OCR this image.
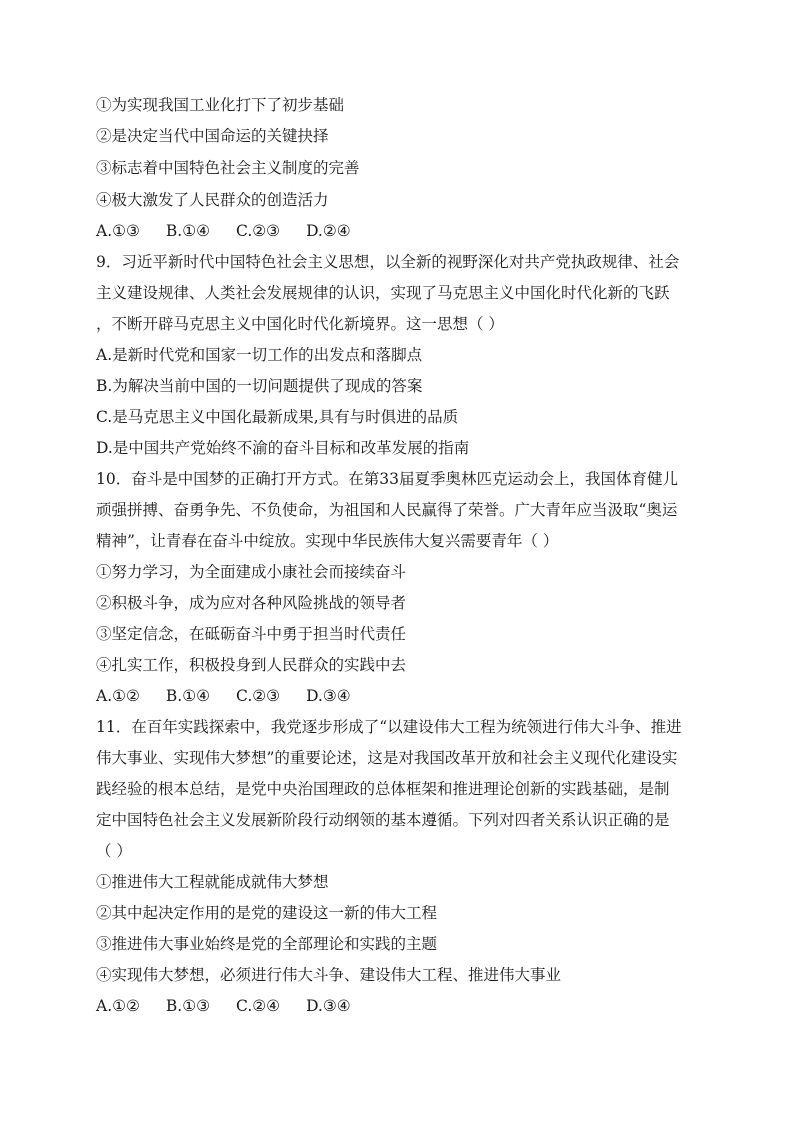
①为实现我国工业化打下了初步基础
②是决定当代中国命运的关键抉择
③标志着中国特色社会主义制度的完善
④极大激发了人民群众的创造活力
A.①③ B.①④ C.②③ D.②④
9．习近平新时代中国特色社会主义思想，以全新的视野深化对共产党执政规律、社会
主义建设规律、人类社会发展规律的认识，实现了马克思主义中国化时代化新的飞跃
，不断开辟马克思主义中国化时代化新境界。这一思想（ ）
A.是新时代党和国家一切工作的出发点和落脚点
B.为解决当前中国的一切问题提供了现成的答案
C.是马克思主义中国化最新成果,具有与时俱进的品质
D.是中国共产党始终不渝的奋斗目标和改革发展的指南
10．奋斗是中国梦的正确打开方式。在第33届夏季奥林匹克运动会上，我国体育健儿
顽强拼搏、奋勇争先、不负使命，为祖国和人民赢得了荣誉。广大青年应当汲取“奥运
精神”，让青春在奋斗中绽放。实现中华民族伟大复兴需要青年（ ）
①努力学习，为全面建成小康社会而接续奋斗
②积极斗争，成为应对各种风险挑战的领导者
③坚定信念，在砥砺奋斗中勇于担当时代责任
④扎实工作，积极投身到人民群众的实践中去
A.①② B.①④ C.②③ D.③④
11．在百年实践探索中，我党逐步形成了“以建设伟大工程为统领进行伟大斗争、推进
伟大事业、实现伟大梦想”的重要论述，这是对我国改革开放和社会主义现代化建设实
践经验的根本总结，是党中央治国理政的总体框架和推进理论创新的实践基础，是制
定中国特色社会主义发展新阶段行动纲领的基本遵循。下列对四者关系认识正确的是
（ ）
①推进伟大工程就能成就伟大梦想
②其中起决定作用的是党的建设这一新的伟大工程
③推进伟大事业始终是党的全部理论和实践的主题
④实现伟大梦想，必须进行伟大斗争、建设伟大工程、推进伟大事业
A.①② B.①③ C.②④ D.③④
